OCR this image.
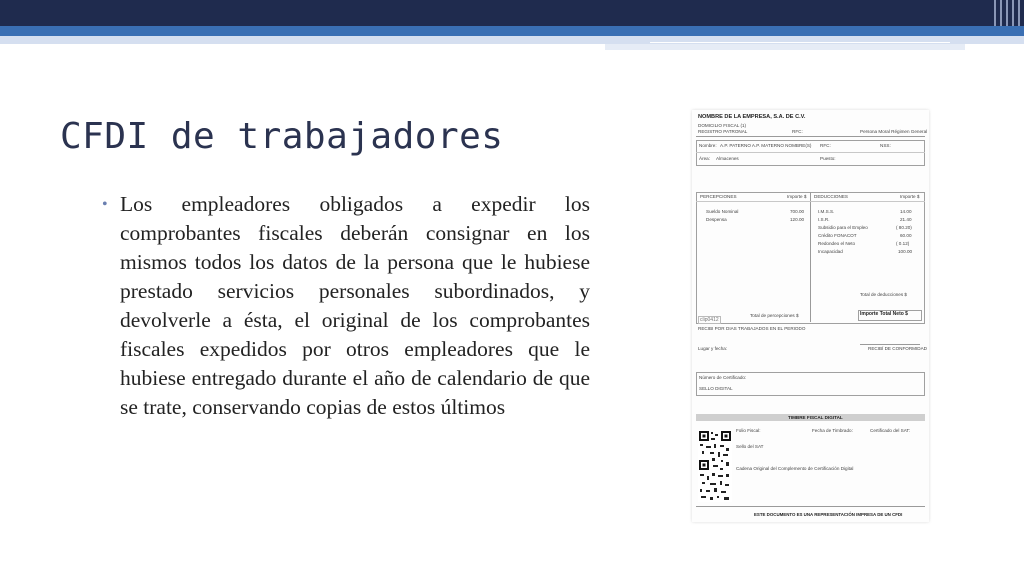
CFDI de trabajadores
• Los empleadores obligados a expedir los comprobantes fiscales deberán consignar en los mismos todos los datos de la persona que le hubiese prestado servicios personales subordinados, y devolverle a ésta, el original de los comprobantes fiscales expedidos por otros empleadores que le hubiese entregado durante el año de calendario de que se trate, conservando copias de estos últimos
NOMBRE DE LA EMPRESA, S.A. DE C.V.
DOMICILIO FISCAL (1)
REGISTRO PATRONAL	RFC:	Persona Moral Régimen General
Nombre: A.P. PATERNO A.P. MATERNO NOMBRE(S) RFC:	NSS:
Área: Almacenes	Puesto:
PERCEPCIONES	Importe $ DEDUCCIONES	Importe $
Sueldo Nominal	700.00
Despensa	120.00
I.M.S.S.	14.00
I.S.R.	21.40
Subsidio para el Empleo	( 80.20)
Crédito FONACOT	60.00
Redondeo el Neto	( 0.12)
Incapacidad	100.00
Total de deducciones $
Total de percepciones $	Importe Total Neto $
clip0412
RECIBI POR DIAS TRABAJADOS EN EL PERIODO
Lugar y fecha:	RECIBÍ DE CONFORMIDAD
Número de Certificado:
SELLO DIGITAL
TIMBRE FISCAL DIGITAL
Folio Fiscal:	Fecha de Timbrado:	Certificado del SAT:
Sello del SAT
Cadena Original del Complemento de Certificación Digital
ESTE DOCUMENTO ES UNA REPRESENTACIÓN IMPRESA DE UN CFDI
